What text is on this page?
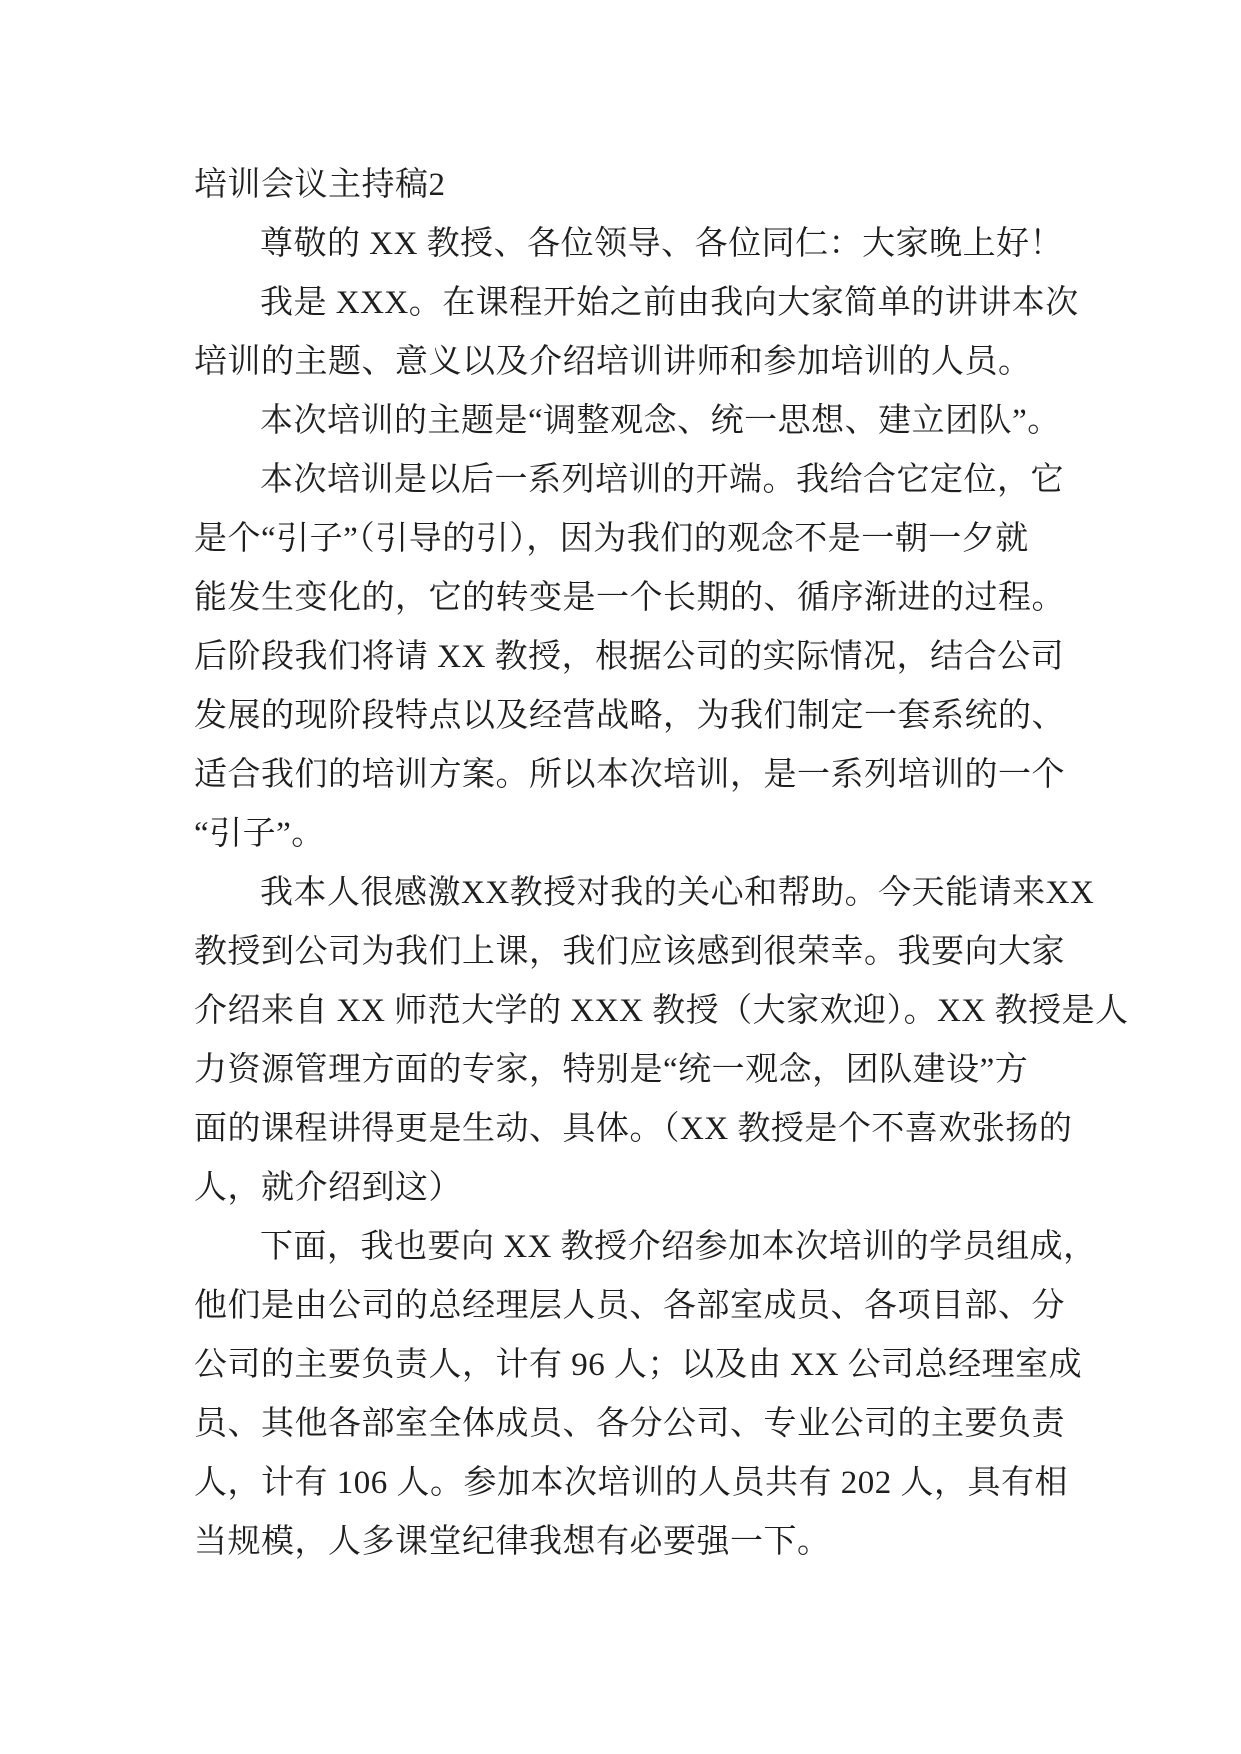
培训会议主持稿2
尊敬的 XX 教授、各位领导、各位同仁：大家晚上好！
我是 XXX。在课程开始之前由我向大家简单的讲讲本次
培训的主题、意义以及介绍培训讲师和参加培训的人员。
本次培训的主题是“调整观念、统一思想、建立团队”。
本次培训是以后一系列培训的开端。我给合它定位，它
是个“引子”（引导的引），因为我们的观念不是一朝一夕就
能发生变化的，它的转变是一个长期的、循序渐进的过程。
后阶段我们将请 XX 教授，根据公司的实际情况，结合公司
发展的现阶段特点以及经营战略，为我们制定一套系统的、
适合我们的培训方案。所以本次培训，是一系列培训的一个
“引子”。
我本人很感激XX教授对我的关心和帮助。今天能请来XX
教授到公司为我们上课，我们应该感到很荣幸。我要向大家
介绍来自 XX 师范大学的 XXX 教授（大家欢迎）。XX 教授是人
力资源管理方面的专家，特别是“统一观念，团队建设”方
面的课程讲得更是生动、具体。（XX 教授是个不喜欢张扬的
人，就介绍到这）
下面，我也要向 XX 教授介绍参加本次培训的学员组成，
他们是由公司的总经理层人员、各部室成员、各项目部、分
公司的主要负责人，计有 96 人；以及由 XX 公司总经理室成
员、其他各部室全体成员、各分公司、专业公司的主要负责
人，计有 106 人。参加本次培训的人员共有 202 人，具有相
当规模，人多课堂纪律我想有必要强一下。
